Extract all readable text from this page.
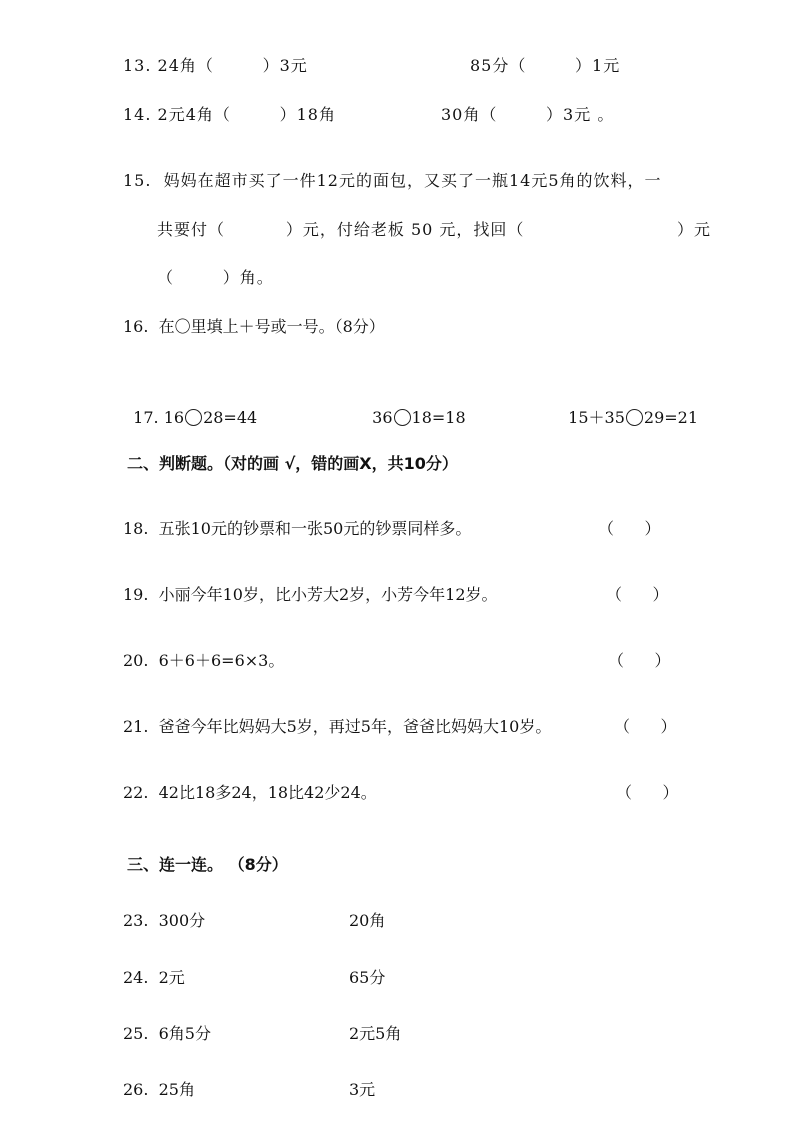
13. 24角（        ）3元	85分（        ）1元
14. 2元4角（        ）18角	30角（        ）3元 。
15.  妈妈在超市买了一件12元的面包，又买了一瓶14元5角的饮料，一
共要付（          ）元，付给老板 50 元，找回（	）元
（        ）角。
16.  在〇里填上＋号或一号。（8分）

17. 16 28=44	36 18=18	15＋35 29=21

二、判断题。（对的画 √，错的画X，共10分）
18.  五张10元的钞票和一张50元的钞票同样多。	（      ）
19.  小丽今年10岁，比小芳大2岁，小芳今年12岁。	（      ）
20.  6＋6＋6=6×3。	（      ）
21.  爸爸今年比妈妈大5岁，再过5年，爸爸比妈妈大10岁。	（      ）
22.  42比18多24，18比42少24。	（      ）
三、连一连。 （8分）
23.  300分	20角
24.  2元	65分
25.  6角5分	2元5角
26.  25角	3元
